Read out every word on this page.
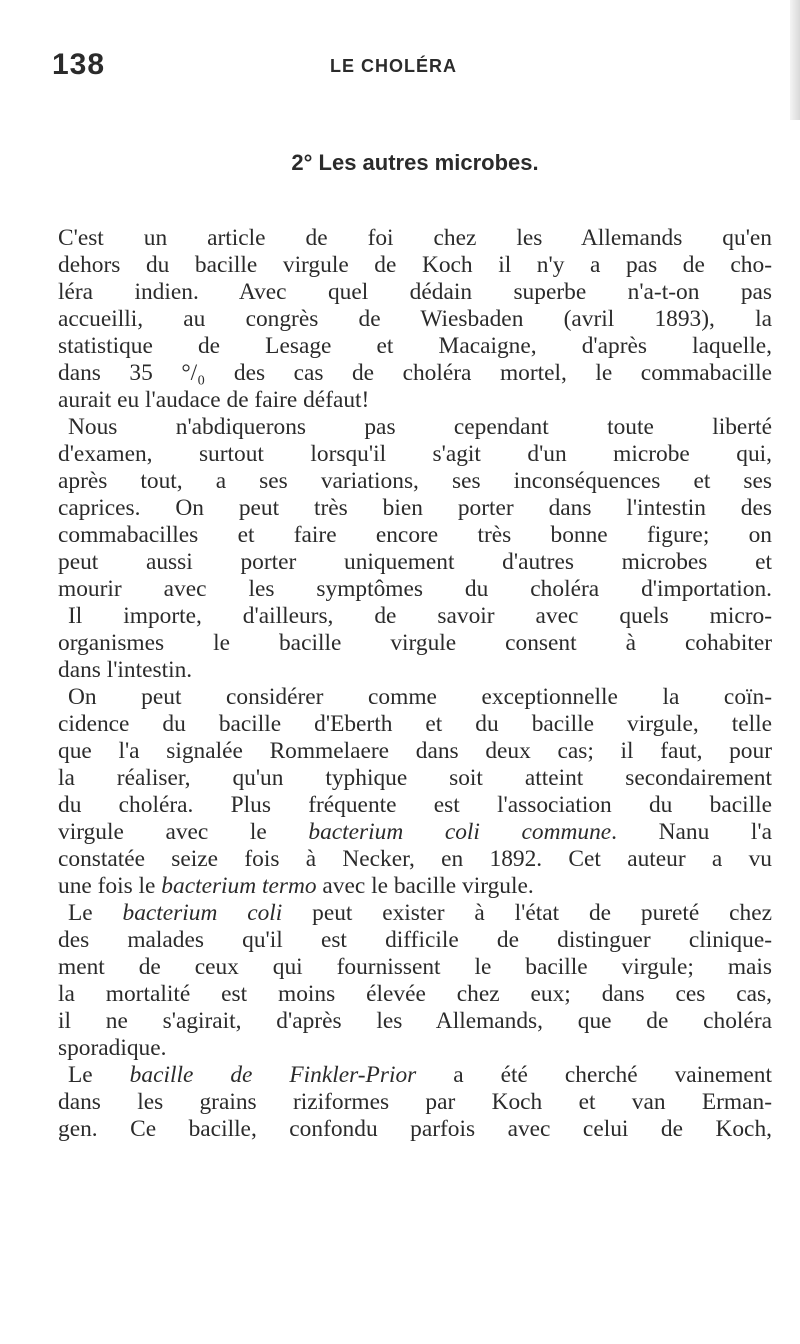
138	LE CHOLÉRA
2° Les autres microbes.
C'est un article de foi chez les Allemands qu'en
dehors du bacille virgule de Koch il n'y a pas de cho-
léra indien. Avec quel dédain superbe n'a-t-on pas
accueilli, au congrès de Wiesbaden (avril 1893), la
statistique de Lesage et Macaigne, d'après laquelle,
dans 35 °/₀ des cas de choléra mortel, le commabacille
aurait eu l'audace de faire défaut!
Nous n'abdiquerons pas cependant toute liberté
d'examen, surtout lorsqu'il s'agit d'un microbe qui,
après tout, a ses variations, ses inconséquences et ses
caprices. On peut très bien porter dans l'intestin des
commabacilles et faire encore très bonne figure; on
peut aussi porter uniquement d'autres microbes et
mourir avec les symptômes du choléra d'importation.
Il importe, d'ailleurs, de savoir avec quels micro-
organismes le bacille virgule consent à cohabiter
dans l'intestin.
On peut considérer comme exceptionnelle la coïn-
cidence du bacille d'Eberth et du bacille virgule, telle
que l'a signalée Rommelaere dans deux cas; il faut, pour
la réaliser, qu'un typhique soit atteint secondairement
du choléra. Plus fréquente est l'association du bacille
virgule avec le bacterium coli commune. Nanu l'a
constatée seize fois à Necker, en 1892. Cet auteur a vu
une fois le bacterium termo avec le bacille virgule.
Le bacterium coli peut exister à l'état de pureté chez
des malades qu'il est difficile de distinguer clinique-
ment de ceux qui fournissent le bacille virgule; mais
la mortalité est moins élevée chez eux; dans ces cas,
il ne s'agirait, d'après les Allemands, que de choléra
sporadique.
Le bacille de Finkler-Prior a été cherché vainement
dans les grains riziformes par Koch et van Erman-
gen. Ce bacille, confondu parfois avec celui de Koch,
